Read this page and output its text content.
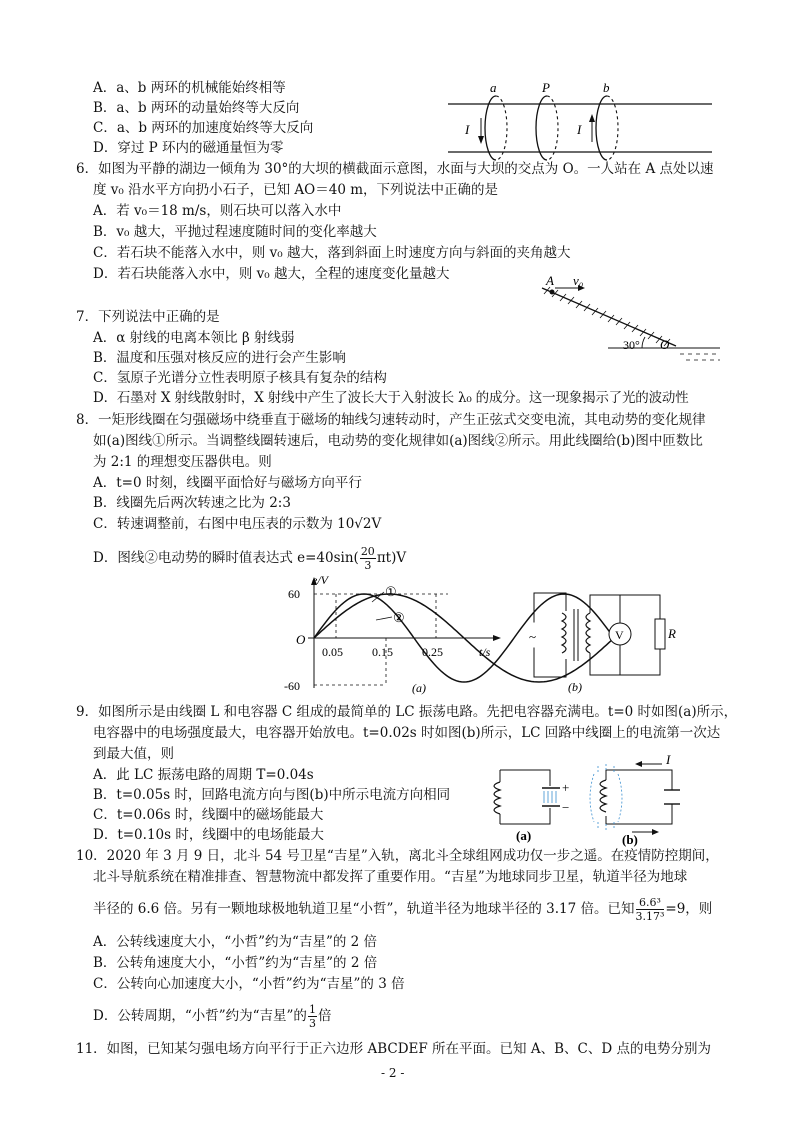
A．a、b 两环的机械能始终相等
B．a、b 两环的动量始终等大反向
C．a、b 两环的加速度始终等大反向
D．穿过 P 环内的磁通量恒为零
a	P	b
I	I
6．如图为平静的湖边一倾角为 30°的大坝的横截面示意图，水面与大坝的交点为 O。一人站在 A 点处以速
度 v₀ 沿水平方向扔小石子，已知 AO＝40 m，下列说法中正确的是
A．若 v₀＝18 m/s，则石块可以落入水中
B．v₀ 越大，平抛过程速度随时间的变化率越大
C．若石块不能落入水中，则 v₀ 越大，落到斜面上时速度方向与斜面的夹角越大
D．若石块能落入水中，则 v₀ 越大，全程的速度变化量越大	A v₀
30° O
7．下列说法中正确的是
A．α 射线的电离本领比 β 射线弱
B．温度和压强对核反应的进行会产生影响
C．氢原子光谱分立性表明原子核具有复杂的结构
D．石墨对 X 射线散射时，X 射线中产生了波长大于入射波长 λ₀ 的成分。这一现象揭示了光的波动性
8．一矩形线圈在匀强磁场中绕垂直于磁场的轴线匀速转动时，产生正弦式交变电流，其电动势的变化规律
如(a)图线①所示。当调整线圈转速后，电动势的变化规律如(a)图线②所示。用此线圈给(b)图中匝数比
为 2:1 的理想变压器供电。则
A．t=0 时刻，线圈平面恰好与磁场方向平行
B．线圈先后两次转速之比为 2:3
C．转速调整前，右图中电压表的示数为 10√2V
D．图线②电动势的瞬时值表达式 $e=40\sin( \frac{20}{3} \pi t)V$
①
②
e/V
60
-60
O
0.05 0.15 0.25	t/s
(a)
~	V	R
(b)
9．如图所示是由线圈 L 和电容器 C 组成的最简单的 LC 振荡电路。先把电容器充满电。t=0 时如图(a)所示，
电容器中的电场强度最大，电容器开始放电。t=0.02s 时如图(b)所示，LC 回路中线圈上的电流第一次达
到最大值，则
A．此 LC 振荡电路的周期 T=0.04s
B．t=0.05s 时，回路电流方向与图(b)中所示电流方向相同
C．t=0.06s 时，线圈中的磁场能最大
D．t=0.10s 时，线圈中的电场能最大
+
−
(a)
I
(b)
10．2020 年 3 月 9 日，北斗 54 号卫星“吉星”入轨，离北斗全球组网成功仅一步之遥。在疫情防控期间，
北斗导航系统在精准排查、智慧物流中都发挥了重要作用。“吉星”为地球同步卫星，轨道半径为地球
半径的 6.6 倍。另有一颗地球极地轨道卫星“小哲”，轨道半径为地球半径的 3.17 倍。已知 $\frac{\text{6.6³}}{\text{3.17³}} =9$，则
A．公转线速度大小，“小哲”约为“吉星”的 2 倍
B．公转角速度大小，“小哲”约为“吉星”的 2 倍
C．公转向心加速度大小，“小哲”约为“吉星”的 3 倍
D．公转周期，“小哲”约为“吉星”的 $\frac{1}{3}$ 倍
11．如图，已知某匀强电场方向平行于正六边形 ABCDEF 所在平面。已知 A、B、C、D 点的电势分别为
- 2 -
